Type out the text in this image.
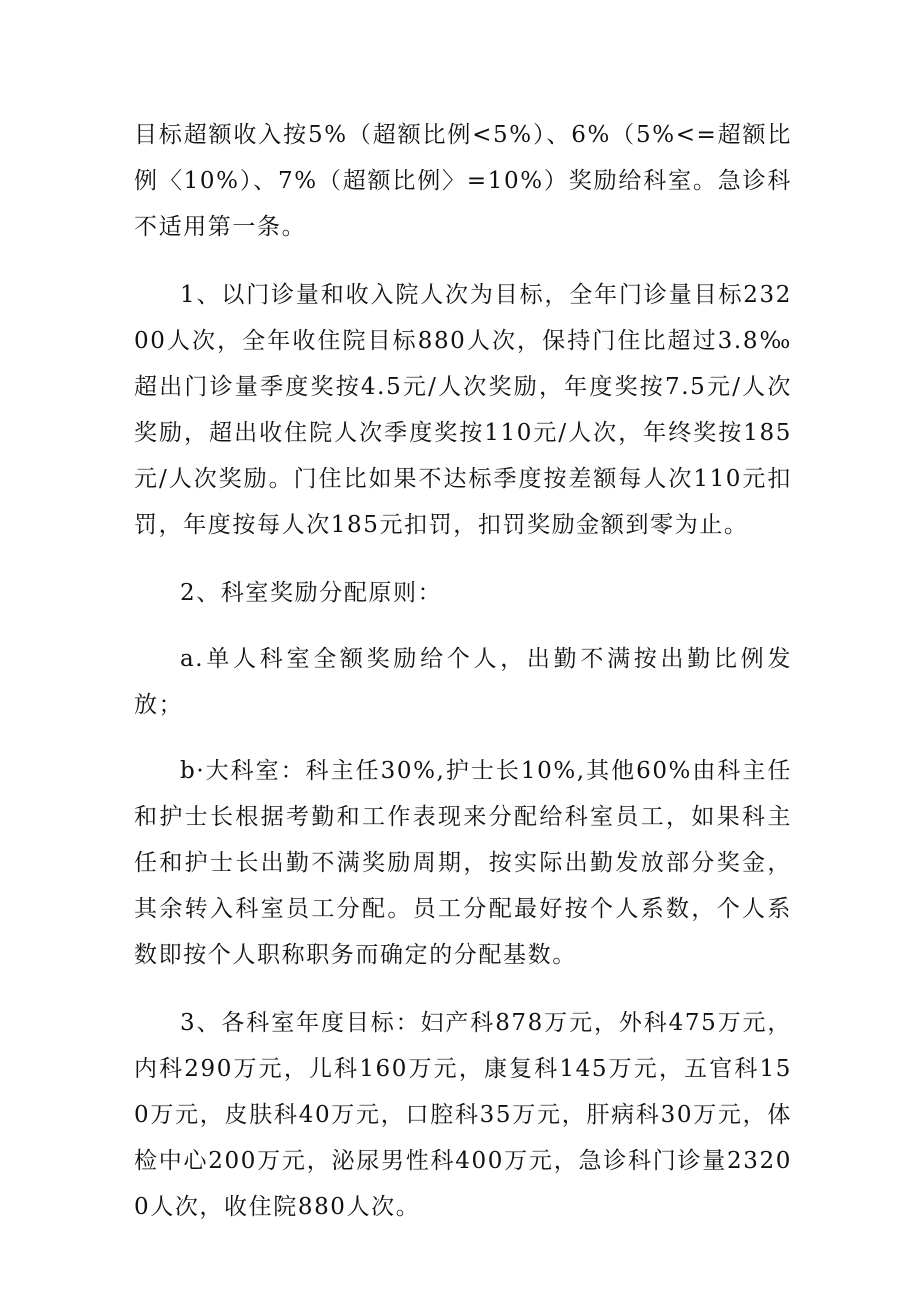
目标超额收入按5%（超额比例<5%）、6%（5%<=超额比例〈10%）、7%（超额比例〉=10%）奖励给科室。急诊科不适用第一条。

1、以门诊量和收入院人次为目标，全年门诊量目标23200人次，全年收住院目标880人次，保持门住比超过3.8‰超出门诊量季度奖按4.5元/人次奖励，年度奖按7.5元/人次奖励，超出收住院人次季度奖按110元/人次，年终奖按185元/人次奖励。门住比如果不达标季度按差额每人次110元扣罚，年度按每人次185元扣罚，扣罚奖励金额到零为止。

2、科室奖励分配原则：

a.单人科室全额奖励给个人，出勤不满按出勤比例发放；

b·大科室：科主任30%,护士长10%,其他60%由科主任和护士长根据考勤和工作表现来分配给科室员工，如果科主任和护士长出勤不满奖励周期，按实际出勤发放部分奖金，其余转入科室员工分配。员工分配最好按个人系数，个人系数即按个人职称职务而确定的分配基数。

3、各科室年度目标：妇产科878万元，外科475万元，内科290万元，儿科160万元，康复科145万元，五官科150万元，皮肤科40万元，口腔科35万元，肝病科30万元，体检中心200万元，泌尿男性科400万元，急诊科门诊量23200人次，收住院880人次。
